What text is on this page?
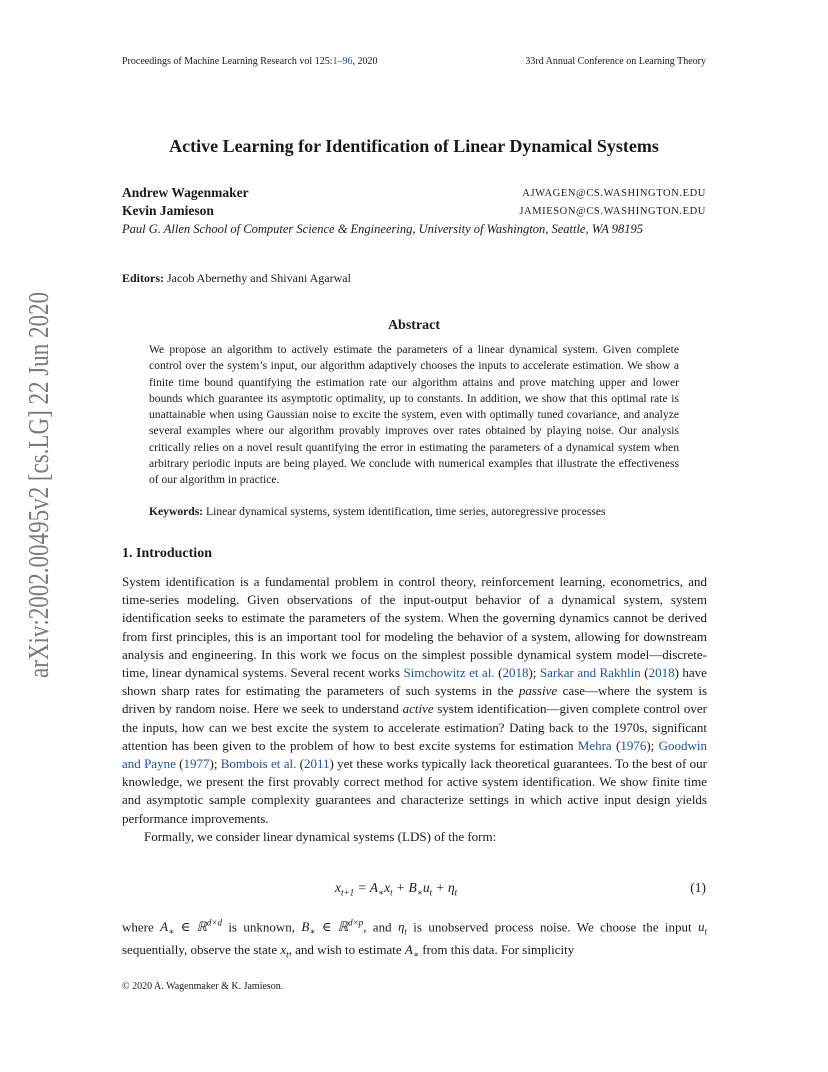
Proceedings of Machine Learning Research vol 125:1–96, 2020	33rd Annual Conference on Learning Theory
arXiv:2002.00495v2 [cs.LG] 22 Jun 2020
Active Learning for Identification of Linear Dynamical Systems
Andrew Wagenmaker	AJWAGEN@CS.WASHINGTON.EDU
Kevin Jamieson	JAMIESON@CS.WASHINGTON.EDU
Paul G. Allen School of Computer Science & Engineering, University of Washington, Seattle, WA 98195
Editors: Jacob Abernethy and Shivani Agarwal
Abstract
We propose an algorithm to actively estimate the parameters of a linear dynamical system. Given complete control over the system’s input, our algorithm adaptively chooses the inputs to accelerate estimation. We show a finite time bound quantifying the estimation rate our algorithm attains and prove matching upper and lower bounds which guarantee its asymptotic optimality, up to constants. In addition, we show that this optimal rate is unattainable when using Gaussian noise to excite the system, even with optimally tuned covariance, and analyze several examples where our algorithm provably improves over rates obtained by playing noise. Our analysis critically relies on a novel result quantifying the error in estimating the parameters of a dynamical system when arbitrary periodic inputs are being played. We conclude with numerical examples that illustrate the effectiveness of our algorithm in practice.
Keywords: Linear dynamical systems, system identification, time series, autoregressive processes
1. Introduction

System identification is a fundamental problem in control theory, reinforcement learning, econometrics, and time-series modeling. Given observations of the input-output behavior of a dynamical system, system identification seeks to estimate the parameters of the system. When the governing dynamics cannot be derived from first principles, this is an important tool for modeling the behavior of a system, allowing for downstream analysis and engineering. In this work we focus on the simplest possible dynamical system model—discrete-time, linear dynamical systems. Several recent works Simchowitz et al. (2018); Sarkar and Rakhlin (2018) have shown sharp rates for estimating the parameters of such systems in the passive case—where the system is driven by random noise. Here we seek to understand active system identification—given complete control over the inputs, how can we best excite the system to accelerate estimation? Dating back to the 1970s, significant attention has been given to the problem of how to best excite systems for estimation Mehra (1976); Goodwin and Payne (1977); Bombois et al. (2011) yet these works typically lack theoretical guarantees. To the best of our knowledge, we present the first provably correct method for active system identification. We show finite time and asymptotic sample complexity guarantees and characterize settings in which active input design yields performance improvements.

Formally, we consider linear dynamical systems (LDS) of the form:

$x_{t+1} = A_∗x_t + B_∗u_t + \eta_t$	(1)
where $A_∗$ ∈ ℝ$^{d\times d}$ is unknown, $B_∗$ ∈ ℝ$^{d\times p}$, and $\eta_t$ is unobserved process noise. We choose the input $u_t$ sequentially, observe the state $x_t$, and wish to estimate $A_∗$ from this data. For simplicity
© 2020 A. Wagenmaker & K. Jamieson.
